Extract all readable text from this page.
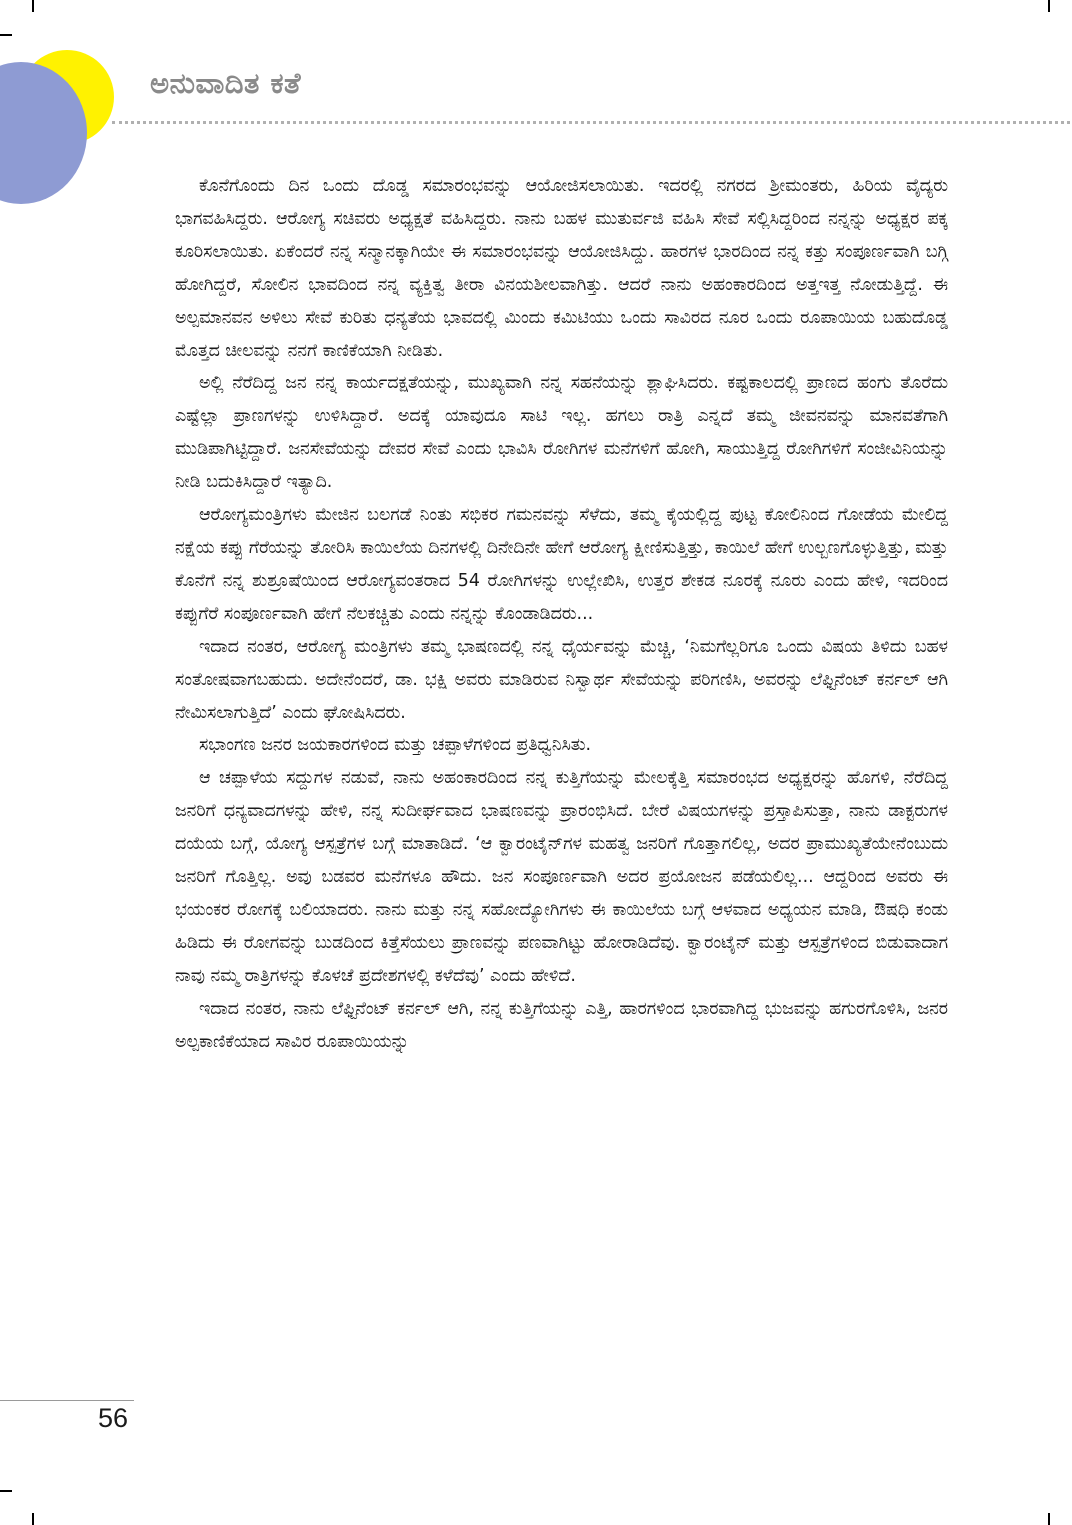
ಅನುವಾದಿತ ಕತೆ

ಕೊನೆಗೊಂದು ದಿನ ಒಂದು ದೊಡ್ಡ ಸಮಾರಂಭವನ್ನು ಆಯೋಜಿಸಲಾಯಿತು. ಇದರಲ್ಲಿ ನಗರದ ಶ್ರೀಮಂತರು, ಹಿರಿಯ ವೈದ್ಯರು ಭಾಗವಹಿಸಿದ್ದರು. ಆರೋಗ್ಯ ಸಚಿವರು ಅಧ್ಯಕ್ಷತೆ ವಹಿಸಿದ್ದರು. ನಾನು ಬಹಳ ಮುತುರ್ವಜಿ ವಹಿಸಿ ಸೇವೆ ಸಲ್ಲಿಸಿದ್ದರಿಂದ ನನ್ನನ್ನು ಅಧ್ಯಕ್ಷರ ಪಕ್ಕ ಕೂರಿಸಲಾಯಿತು. ಏಕೆಂದರೆ ನನ್ನ ಸನ್ಮಾನಕ್ಕಾಗಿಯೇ ಈ ಸಮಾರಂಭವನ್ನು ಆಯೋಜಿಸಿದ್ದು. ಹಾರಗಳ ಭಾರದಿಂದ ನನ್ನ ಕತ್ತು ಸಂಪೂರ್ಣವಾಗಿ ಬಗ್ಗಿ ಹೋಗಿದ್ದರೆ, ಸೋಲಿನ ಭಾವದಿಂದ ನನ್ನ ವ್ಯಕ್ತಿತ್ವ ತೀರಾ ವಿನಯಶೀಲವಾಗಿತ್ತು. ಆದರೆ ನಾನು ಅಹಂಕಾರದಿಂದ ಅತ್ತಇತ್ತ ನೋಡುತ್ತಿದ್ದೆ. ಈ ಅಲ್ಪಮಾನವನ ಅಳಿಲು ಸೇವೆ ಕುರಿತು ಧನ್ಯತೆಯ ಭಾವದಲ್ಲಿ ಮಿಂದು ಕಮಿಟಿಯು ಒಂದು ಸಾವಿರದ ನೂರ ಒಂದು ರೂಪಾಯಿಯ ಬಹುದೊಡ್ಡ ಮೊತ್ತದ ಚೀಲವನ್ನು ನನಗೆ ಕಾಣಿಕೆಯಾಗಿ ನೀಡಿತು.

ಅಲ್ಲಿ ನೆರೆದಿದ್ದ ಜನ ನನ್ನ ಕಾರ್ಯದಕ್ಷತೆಯನ್ನು, ಮುಖ್ಯವಾಗಿ ನನ್ನ ಸಹನೆಯನ್ನು ಶ್ಲಾಘಿಸಿದರು. ಕಷ್ಟಕಾಲದಲ್ಲಿ ಪ್ರಾಣದ ಹಂಗು ತೊರೆದು ಎಷ್ಟೆಲ್ಲಾ ಪ್ರಾಣಗಳನ್ನು ಉಳಿಸಿದ್ದಾರೆ. ಅದಕ್ಕೆ ಯಾವುದೂ ಸಾಟಿ ಇಲ್ಲ. ಹಗಲು ರಾತ್ರಿ ಎನ್ನದೆ ತಮ್ಮ ಜೀವನವನ್ನು ಮಾನವತೆಗಾಗಿ ಮುಡಿಪಾಗಿಟ್ಟಿದ್ದಾರೆ. ಜನಸೇವೆಯನ್ನು ದೇವರ ಸೇವೆ ಎಂದು ಭಾವಿಸಿ ರೋಗಿಗಳ ಮನೆಗಳಿಗೆ ಹೋಗಿ, ಸಾಯುತ್ತಿದ್ದ ರೋಗಿಗಳಿಗೆ ಸಂಜೀವಿನಿಯನ್ನು ನೀಡಿ ಬದುಕಿಸಿದ್ದಾರೆ ಇತ್ಯಾದಿ.

ಆರೋಗ್ಯಮಂತ್ರಿಗಳು ಮೇಜಿನ ಬಲಗಡೆ ನಿಂತು ಸಭಿಕರ ಗಮನವನ್ನು ಸೆಳೆದು, ತಮ್ಮ ಕೈಯಲ್ಲಿದ್ದ ಪುಟ್ಟ ಕೋಲಿನಿಂದ ಗೋಡೆಯ ಮೇಲಿದ್ದ ನಕ್ಷೆಯ ಕಪ್ಪು ಗೆರೆಯನ್ನು ತೋರಿಸಿ ಕಾಯಿಲೆಯ ದಿನಗಳಲ್ಲಿ ದಿನೇದಿನೇ ಹೇಗೆ ಆರೋಗ್ಯ ಕ್ಷೀಣಿಸುತ್ತಿತ್ತು, ಕಾಯಿಲೆ ಹೇಗೆ ಉಲ್ಬಣಗೊಳ್ಳುತ್ತಿತ್ತು, ಮತ್ತು ಕೊನೆಗೆ ನನ್ನ ಶುಶ್ರೂಷೆಯಿಂದ ಆರೋಗ್ಯವಂತರಾದ 54 ರೋಗಿಗಳನ್ನು ಉಲ್ಲೇಖಿಸಿ, ಉತ್ತರ ಶೇಕಡ ನೂರಕ್ಕೆ ನೂರು ಎಂದು ಹೇಳಿ, ಇದರಿಂದ ಕಪ್ಪುಗೆರೆ ಸಂಪೂರ್ಣವಾಗಿ ಹೇಗೆ ನೆಲಕಚ್ಚಿತು ಎಂದು ನನ್ನನ್ನು ಕೊಂಡಾಡಿದರು...

ಇದಾದ ನಂತರ, ಆರೋಗ್ಯ ಮಂತ್ರಿಗಳು ತಮ್ಮ ಭಾಷಣದಲ್ಲಿ ನನ್ನ ಧೈರ್ಯವನ್ನು ಮೆಚ್ಚಿ, ‘ನಿಮಗೆಲ್ಲರಿಗೂ ಒಂದು ವಿಷಯ ತಿಳಿದು ಬಹಳ ಸಂತೋಷವಾಗಬಹುದು. ಅದೇನೆಂದರೆ, ಡಾ. ಭಕ್ಷಿ ಅವರು ಮಾಡಿರುವ ನಿಸ್ವಾರ್ಥ ಸೇವೆಯನ್ನು ಪರಿಗಣಿಸಿ, ಅವರನ್ನು ಲೆಫ್ಟಿನೆಂಟ್ ಕರ್ನಲ್ ಆಗಿ ನೇಮಿಸಲಾಗುತ್ತಿದೆ’ ಎಂದು ಘೋಷಿಸಿದರು.

ಸಭಾಂಗಣ ಜನರ ಜಯಕಾರಗಳಿಂದ ಮತ್ತು ಚಪ್ಪಾಳೆಗಳಿಂದ ಪ್ರತಿಧ್ವನಿಸಿತು.

ಆ ಚಪ್ಪಾಳೆಯ ಸದ್ದುಗಳ ನಡುವೆ, ನಾನು ಅಹಂಕಾರದಿಂದ ನನ್ನ ಕುತ್ತಿಗೆಯನ್ನು ಮೇಲಕ್ಕೆತ್ತಿ ಸಮಾರಂಭದ ಅಧ್ಯಕ್ಷರನ್ನು ಹೊಗಳಿ, ನೆರೆದಿದ್ದ ಜನರಿಗೆ ಧನ್ಯವಾದಗಳನ್ನು ಹೇಳಿ, ನನ್ನ ಸುದೀರ್ಘವಾದ ಭಾಷಣವನ್ನು ಪ್ರಾರಂಭಿಸಿದೆ. ಬೇರೆ ವಿಷಯಗಳನ್ನು ಪ್ರಸ್ತಾಪಿಸುತ್ತಾ, ನಾನು ಡಾಕ್ಟರುಗಳ ದಯೆಯ ಬಗ್ಗೆ, ಯೋಗ್ಯ ಆಸ್ಪತ್ರೆಗಳ ಬಗ್ಗೆ ಮಾತಾಡಿದೆ. ‘ಆ ಕ್ವಾರಂಟೈನ್‌ಗಳ ಮಹತ್ವ ಜನರಿಗೆ ಗೊತ್ತಾಗಲಿಲ್ಲ, ಅದರ ಪ್ರಾಮುಖ್ಯತೆಯೇನೆಂಬುದು ಜನರಿಗೆ ಗೊತ್ತಿಲ್ಲ. ಅವು ಬಡವರ ಮನೆಗಳೂ ಹೌದು. ಜನ ಸಂಪೂರ್ಣವಾಗಿ ಅದರ ಪ್ರಯೋಜನ ಪಡೆಯಲಿಲ್ಲ... ಆದ್ದರಿಂದ ಅವರು ಈ ಭಯಂಕರ ರೋಗಕ್ಕೆ ಬಲಿಯಾದರು. ನಾನು ಮತ್ತು ನನ್ನ ಸಹೋದ್ಯೋಗಿಗಳು ಈ ಕಾಯಿಲೆಯ ಬಗ್ಗೆ ಆಳವಾದ ಅಧ್ಯಯನ ಮಾಡಿ, ಔಷಧಿ ಕಂಡು ಹಿಡಿದು ಈ ರೋಗವನ್ನು ಬುಡದಿಂದ ಕಿತ್ತೆಸೆಯಲು ಪ್ರಾಣವನ್ನು ಪಣವಾಗಿಟ್ಟು ಹೋರಾಡಿದೆವು. ಕ್ವಾರಂಟೈನ್ ಮತ್ತು ಆಸ್ಪತ್ರೆಗಳಿಂದ ಬಿಡುವಾದಾಗ ನಾವು ನಮ್ಮ ರಾತ್ರಿಗಳನ್ನು ಕೊಳಚೆ ಪ್ರದೇಶಗಳಲ್ಲಿ ಕಳೆದೆವು’ ಎಂದು ಹೇಳಿದೆ.

ಇದಾದ ನಂತರ, ನಾನು ಲೆಫ್ಟಿನೆಂಟ್ ಕರ್ನಲ್ ಆಗಿ, ನನ್ನ ಕುತ್ತಿಗೆಯನ್ನು ಎತ್ತಿ, ಹಾರಗಳಿಂದ ಭಾರವಾಗಿದ್ದ ಭುಜವನ್ನು ಹಗುರಗೊಳಿಸಿ, ಜನರ ಅಲ್ಪಕಾಣಿಕೆಯಾದ ಸಾವಿರ ರೂಪಾಯಿಯನ್ನು

56
